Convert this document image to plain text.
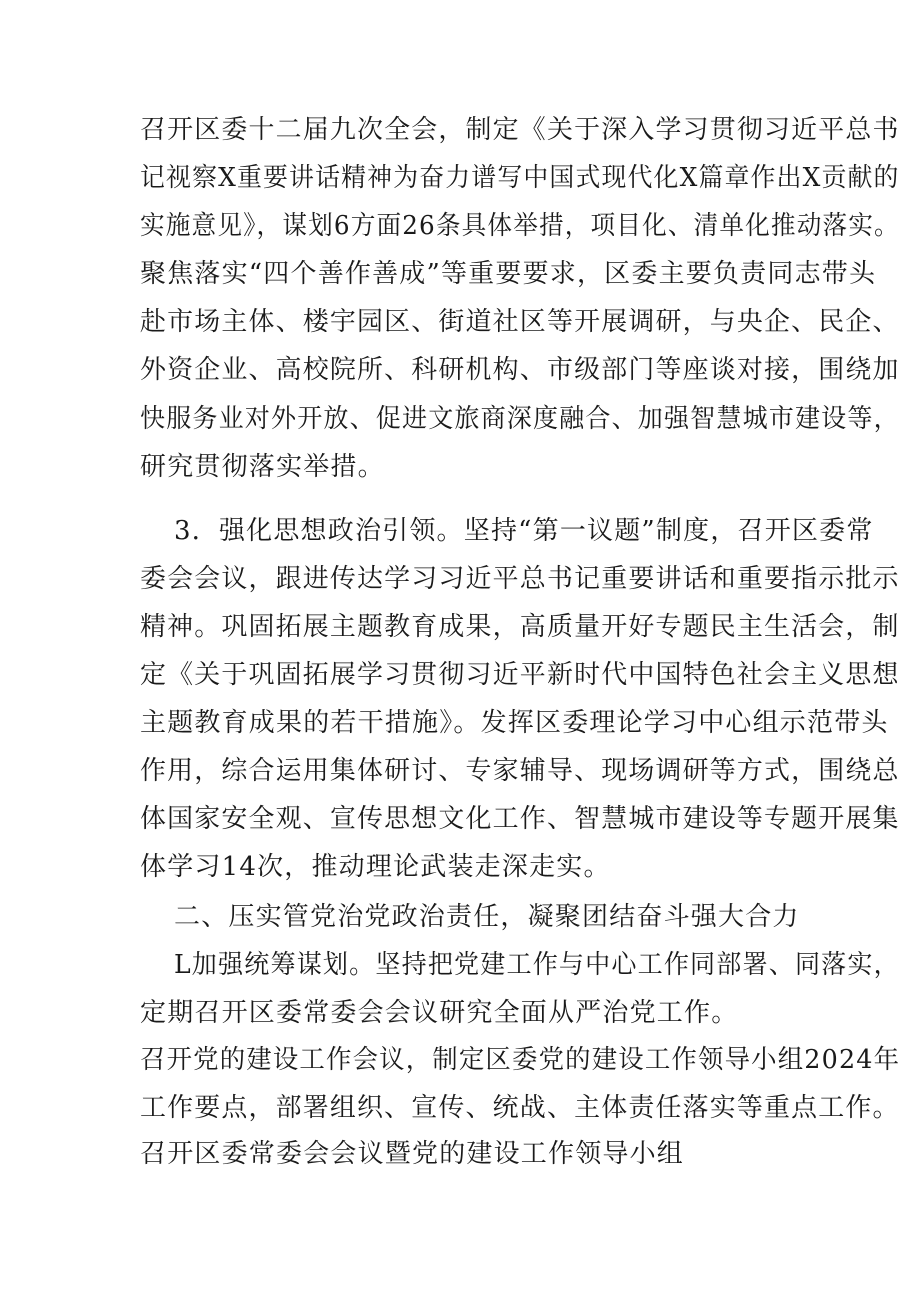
召开区委十二届九次全会，制定《关于深入学习贯彻习近平总书
记视察X重要讲话精神为奋力谱写中国式现代化X篇章作出X贡献的
实施意见》，谋划6方面26条具体举措，项目化、清单化推动落实。
聚焦落实“四个善作善成”等重要要求，区委主要负责同志带头
赴市场主体、楼宇园区、街道社区等开展调研，与央企、民企、
外资企业、高校院所、科研机构、市级部门等座谈对接，围绕加
快服务业对外开放、促进文旅商深度融合、加强智慧城市建设等，
研究贯彻落实举措。
3．强化思想政治引领。坚持“第一议题”制度，召开区委常
委会会议，跟进传达学习习近平总书记重要讲话和重要指示批示
精神。巩固拓展主题教育成果，高质量开好专题民主生活会，制
定《关于巩固拓展学习贯彻习近平新时代中国特色社会主义思想
主题教育成果的若干措施》。发挥区委理论学习中心组示范带头
作用，综合运用集体研讨、专家辅导、现场调研等方式，围绕总
体国家安全观、宣传思想文化工作、智慧城市建设等专题开展集
体学习14次，推动理论武装走深走实。
二、压实管党治党政治责任，凝聚团结奋斗强大合力
L加强统筹谋划。坚持把党建工作与中心工作同部署、同落实，
定期召开区委常委会会议研究全面从严治党工作。
召开党的建设工作会议，制定区委党的建设工作领导小组2024年
工作要点，部署组织、宣传、统战、主体责任落实等重点工作。
召开区委常委会会议暨党的建设工作领导小组
